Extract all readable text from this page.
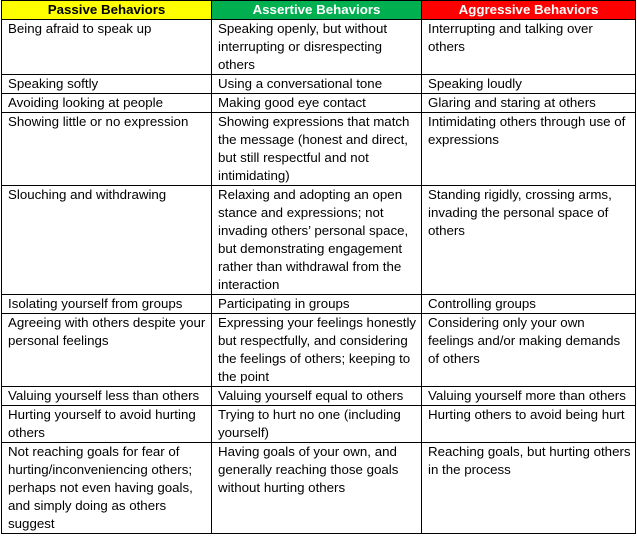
Passive Behaviors	Assertive Behaviors	Aggressive Behaviors
Being afraid to speak up	Speaking openly, but without interrupting or disrespecting others	Interrupting and talking over others
Speaking softly	Using a conversational tone	Speaking loudly
Avoiding looking at people	Making good eye contact	Glaring and staring at others
Showing little or no expression	Showing expressions that match the message (honest and direct, but still respectful and not intimidating)	Intimidating others through use of expressions
Slouching and withdrawing	Relaxing and adopting an open stance and expressions; not invading others’ personal space, but demonstrating engagement rather than withdrawal from the interaction	Standing rigidly, crossing arms, invading the personal space of others
Isolating yourself from groups	Participating in groups	Controlling groups
Agreeing with others despite your personal feelings	Expressing your feelings honestly but respectfully, and considering the feelings of others; keeping to the point	Considering only your own feelings and/or making demands of others
Valuing yourself less than others	Valuing yourself equal to others	Valuing yourself more than others
Hurting yourself to avoid hurting others	Trying to hurt no one (including yourself)	Hurting others to avoid being hurt
Not reaching goals for fear of hurting/inconveniencing others; perhaps not even having goals, and simply doing as others suggest	Having goals of your own, and generally reaching those goals without hurting others	Reaching goals, but hurting others in the process
